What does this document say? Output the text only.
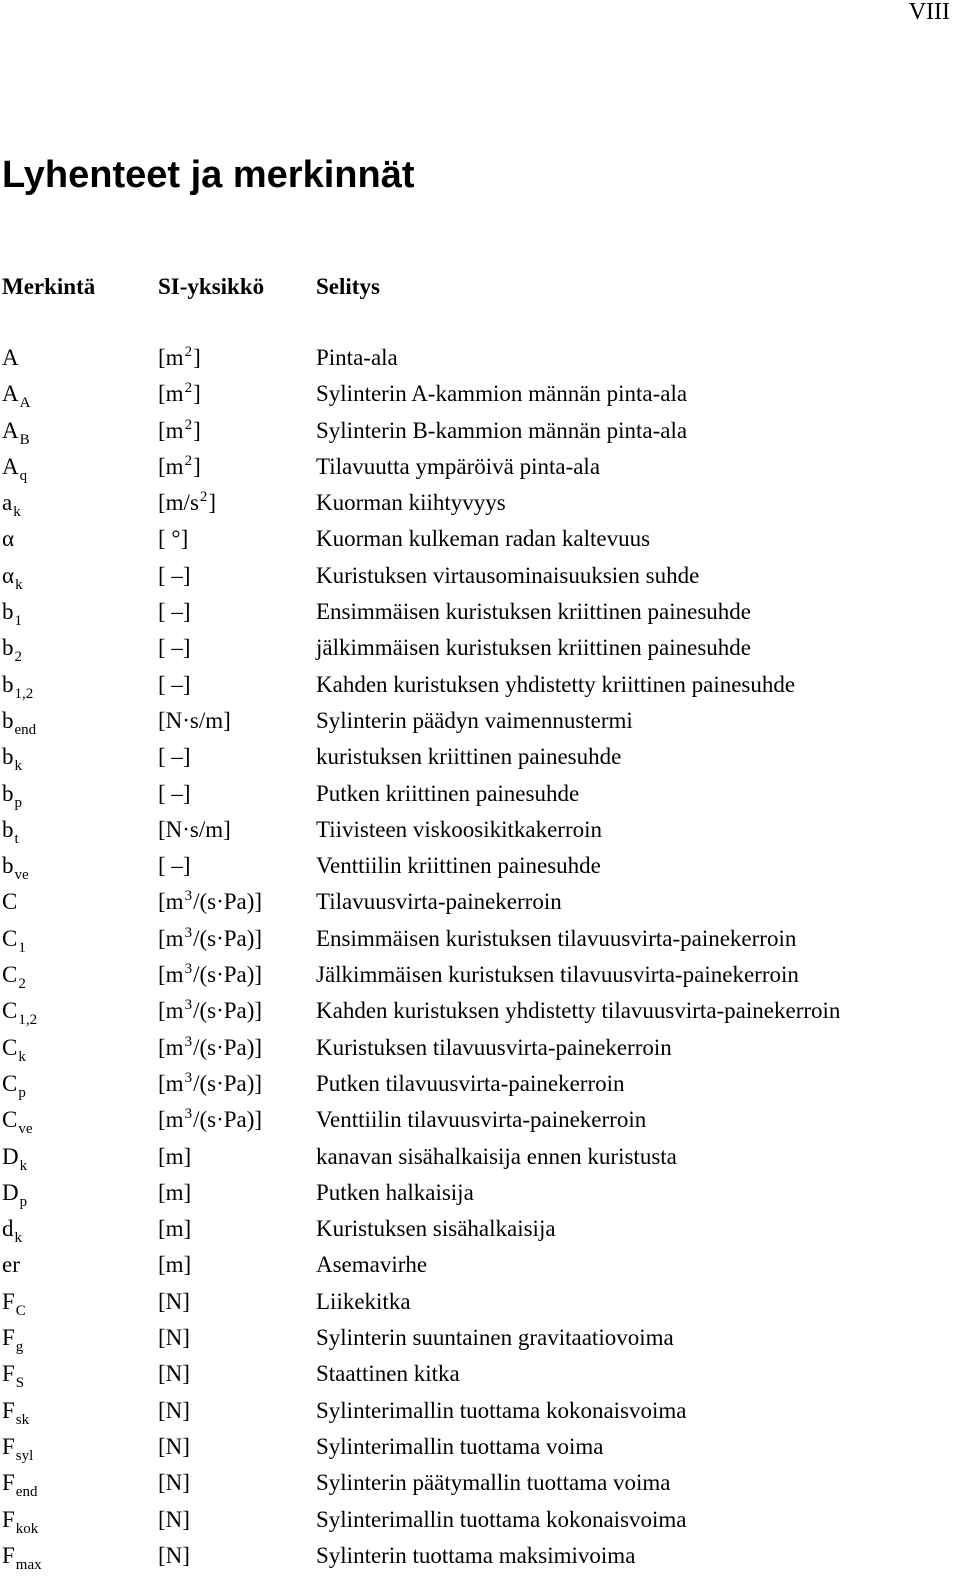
VIII
Lyhenteet ja merkinnät
Merkintä	SI-yksikkö Selitys
A	$[m^2]$	Pinta-ala
$A_A$	$[m^2]$	Sylinterin A-kammion männän pinta-ala
$A_B$	$[m^2]$	Sylinterin B-kammion männän pinta-ala
$A_q$	$[m^2]$	Tilavuutta ympäröivä pinta-ala
$a_k$	$[m/s^2]$	Kuorman kiihtyvyys
α	[ °]	Kuorman kulkeman radan kaltevuus
$\alpha_k$	[ –]	Kuristuksen virtausominaisuuksien suhde
$b_1$	[ –]	Ensimmäisen kuristuksen kriittinen painesuhde
$b_2$	[ –]	jälkimmäisen kuristuksen kriittinen painesuhde
$b_{1,2}$	[ –]	Kahden kuristuksen yhdistetty kriittinen painesuhde
$b_{end}$	[N·s/m]	Sylinterin päädyn vaimennustermi
$b_k$	[ –]	kuristuksen kriittinen painesuhde
$b_p$	[ –]	Putken kriittinen painesuhde
$b_t$	[N·s/m]	Tiivisteen viskoosikitkakerroin
$b_{ve}$	[ –]	Venttiilin kriittinen painesuhde
C	$[m^3/(s\cdot Pa)]$ Tilavuusvirta-painekerroin
$C_1$	$[m^3/(s\cdot Pa)]$ Ensimmäisen kuristuksen tilavuusvirta-painekerroin
$C_2$	$[m^3/(s\cdot Pa)]$ Jälkimmäisen kuristuksen tilavuusvirta-painekerroin
$C_{1,2}$	$[m^3/(s\cdot Pa)]$ Kahden kuristuksen yhdistetty tilavuusvirta-painekerroin
$C_k$	$[m^3/(s\cdot Pa)]$ Kuristuksen tilavuusvirta-painekerroin
$C_p$	$[m^3/(s\cdot Pa)]$ Putken tilavuusvirta-painekerroin
$C_{ve}$	$[m^3/(s\cdot Pa)]$ Venttiilin tilavuusvirta-painekerroin
$D_k$	[m]	kanavan sisähalkaisija ennen kuristusta
$D_p$	[m]	Putken halkaisija
$d_k$	[m]	Kuristuksen sisähalkaisija
er	[m]	Asemavirhe
$F_C$	[N]	Liikekitka
$F_g$	[N]	Sylinterin suuntainen gravitaatiovoima
$F_S$	[N]	Staattinen kitka
$F_{sk}$	[N]	Sylinterimallin tuottama kokonaisvoima
$F_{syl}$	[N]	Sylinterimallin tuottama voima
$F_{end}$	[N]	Sylinterin päätymallin tuottama voima
$F_{kok}$	[N]	Sylinterimallin tuottama kokonaisvoima
$F_{max}$	[N]	Sylinterin tuottama maksimivoima
